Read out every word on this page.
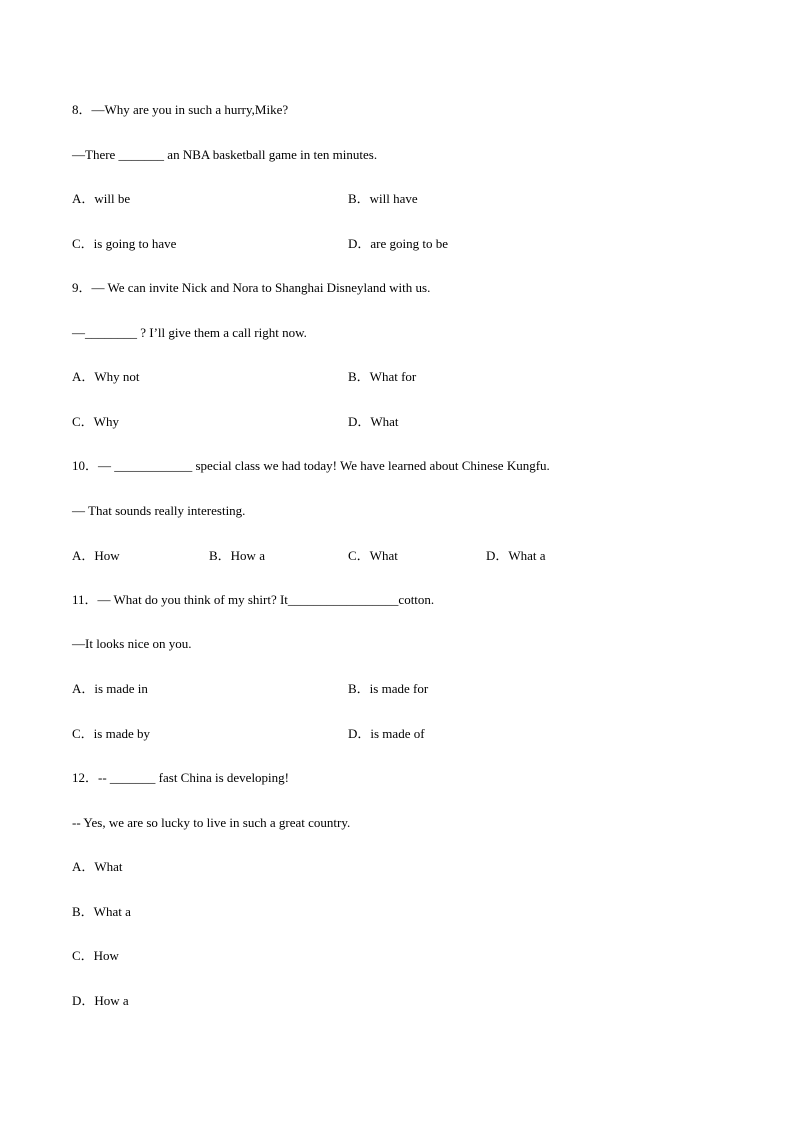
8．—Why are you in such a hurry,Mike?
—There _______ an NBA basketball game in ten minutes.
A．will be	B．will have
C．is going to have	D．are going to be
9．— We can invite Nick and Nora to Shanghai Disneyland with us.
—________ ? I’ll give them a call right now.
A．Why not	B．What for
C．Why	D．What
10．— ____________ special class we had today! We have learned about Chinese Kungfu.
— That sounds really interesting.
A．How	B．How a	C．What	D．What a
11．— What do you think of my shirt? It_________________cotton.
—It looks nice on you.
A．is made in	B．is made for
C．is made by	D．is made of
12．-- _______ fast China is developing!
-- Yes, we are so lucky to live in such a great country.
A．What
B．What a
C．How
D．How a
